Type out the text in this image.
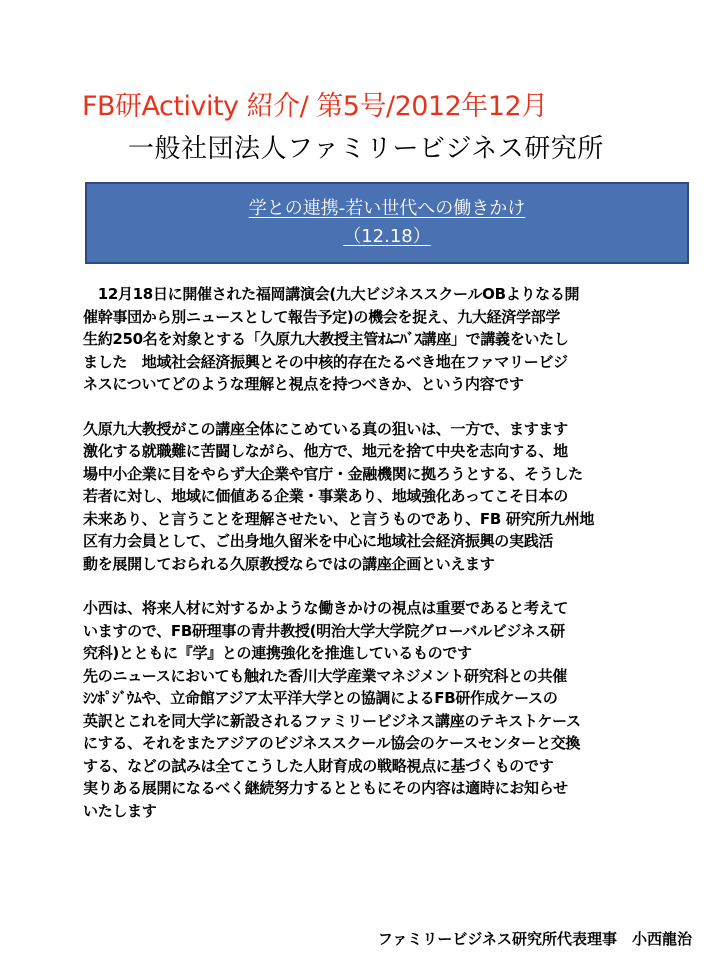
FB研Activity 紹介/ 第5号/2012年12月
一般社団法人ファミリービジネス研究所
学との連携-若い世代への働きかけ
（12.18）
　12月18日に開催された福岡講演会(九大ビジネススクールOBよりなる開
催幹事団から別ニュースとして報告予定)の機会を捉え、九大経済学部学
生約250名を対象とする「久原九大教授主管ｵﾑﾆﾊﾞｽ講座」で講義をいたし
ました　地域社会経済振興とその中核的存在たるべき地在ファマリービジ
ネスについてどのような理解と視点を持つべきか、という内容です
久原九大教授がこの講座全体にこめている真の狙いは、一方で、ますます
激化する就職難に苦闘しながら、他方で、地元を捨て中央を志向する、地
場中小企業に目をやらず大企業や官庁・金融機関に拠ろうとする、そうした
若者に対し、地域に価値ある企業・事業あり、地域強化あってこそ日本の
未来あり、と言うことを理解させたい、と言うものであり、FB 研究所九州地
区有力会員として、ご出身地久留米を中心に地域社会経済振興の実践活
動を展開しておられる久原教授ならではの講座企画といえます
小西は、将来人材に対するかような働きかけの視点は重要であると考えて
いますので、FB研理事の青井教授(明治大学大学院グローバルビジネス研
究科)とともに『学』との連携強化を推進しているものです
先のニュースにおいても触れた香川大学産業マネジメント研究科との共催
ｼﾝﾎﾟｼﾞｳﾑや、立命館アジア太平洋大学との協調によるFB研作成ケースの
英訳とこれを同大学に新設されるファミリービジネス講座のテキストケース
にする、それをまたアジアのビジネススクール協会のケースセンターと交換
する、などの試みは全てこうした人財育成の戦略視点に基づくものです
実りある展開になるべく継続努力するとともにその内容は適時にお知らせ
いたします
ファミリービジネス研究所代表理事　小西龍治
